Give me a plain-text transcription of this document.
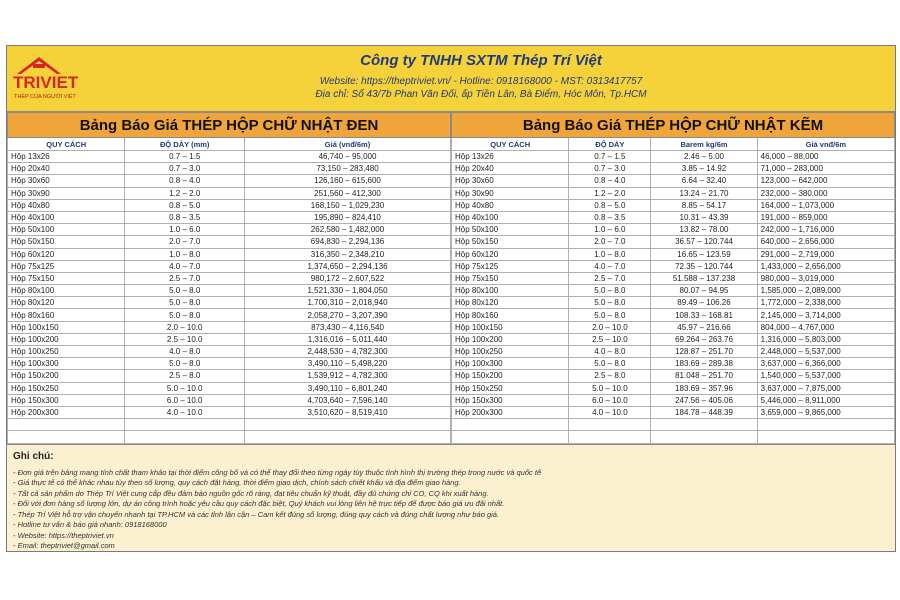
TRIVIET
THÉP CỦA NGƯỜI VIỆT
Công ty TNHH SXTM Thép Trí Việt
Website: https://theptriviet.vn/ - Hotline: 0918168000 - MST: 0313417757
Địa chỉ: Số 43/7b Phan Văn Đối, ấp Tiền Lân, Bà Điểm, Hóc Môn, Tp.HCM
Bảng Báo Giá THÉP HỘP CHỮ NHẬT ĐEN		
QUY CÁCH	ĐỘ DÀY (mm)	Giá (vnđ/6m)
Hộp 13x26	0.7 – 1.5	46,740 – 95,000
Hộp 20x40	0.7 – 3.0	73,150 – 283,480
Hộp 30x60	0.8 – 4.0	126,160 – 615,600
Hộp 30x90	1.2 – 2.0	251,560 – 412,300
Hộp 40x80	0.8 – 5.0	168,150 – 1,029,230
Hộp 40x100	0.8 – 3.5	195,890 – 824,410
Hộp 50x100	1.0 – 6.0	262,580 – 1,482,000
Hộp 50x150	2.0 – 7.0	694,830 – 2,294,136
Hộp 60x120	1.0 – 8.0	316,350 – 2,348,210
Hộp 75x125	4.0 – 7.0	1,374,650 – 2,294,136
Hộp 75x150	2.5 – 7.0	980,172 – 2,607,522
Hộp 80x100	5.0 – 8.0	1,521,330 – 1,804,050
Hộp 80x120	5.0 – 8.0	1,700,310 – 2,018,940
Hộp 80x160	5.0 – 8.0	2,058,270 – 3,207,390
Hộp 100x150	2.0 – 10.0	873,430 – 4,116,540
Hộp 100x200	2.5 – 10.0	1,316,016 – 5,011,440
Hộp 100x250	4.0 – 8.0	2,448,530 – 4,782,300
Hộp 100x300	5.0 – 8.0	3,490,110 – 5,498,220
Hộp 150x200	2.5 – 8.0	1,539,912 – 4,782,300
Hộp 150x250	5.0 – 10.0	3,490,110 – 6,801,240
Hộp 150x300	6.0 – 10.0	4,703,640 – 7,596,140
Hộp 200x300	4.0 – 10.0	3,510,620 – 8,519,410

Bảng Báo Giá THÉP HỘP CHỮ NHẬT KẼM			
QUY CÁCH	ĐỘ DÀY	Barem kg/6m	Giá vnđ/6m
Hộp 13x26	0.7 – 1.5	2.46 – 5.00	46,000 – 88,000
Hộp 20x40	0.7 – 3.0	3.85 – 14.92	71,000 – 283,000
Hộp 30x60	0.8 – 4.0	6.64 – 32.40	123,000 – 642,000
Hộp 30x90	1.2 – 2.0	13.24 – 21.70	232,000 – 380,000
Hộp 40x80	0.8 – 5.0	8.85 – 54.17	164,000 – 1,073,000
Hộp 40x100	0.8 – 3.5	10.31 – 43.39	191,000 – 859,000
Hộp 50x100	1.0 – 6.0	13.82 – 78.00	242,000 – 1,716,000
Hộp 50x150	2.0 – 7.0	36.57 – 120.744	640,000 – 2,656,000
Hộp 60x120	1.0 – 8.0	16.65 – 123.59	291,000 – 2,719,000
Hộp 75x125	4.0 – 7.0	72.35 – 120.744	1,433,000 – 2,656,000
Hộp 75x150	2.5 – 7.0	51.588 – 137.238	980,000 – 3,019,000
Hộp 80x100	5.0 – 8.0	80.07 – 94.95	1,585,000 – 2,089,000
Hộp 80x120	5.0 – 8.0	89.49 – 106.26	1,772,000 – 2,338,000
Hộp 80x160	5.0 – 8.0	108.33 – 168.81	2,145,000 – 3,714,000
Hộp 100x150	2.0 – 10.0	45.97 – 216.66	804,000 – 4,767,000
Hộp 100x200	2.5 – 10.0	69.264 – 263.76	1,316,000 – 5,803,000
Hộp 100x250	4.0 – 8.0	128.87 – 251.70	2,448,000 – 5,537,000
Hộp 100x300	5.0 – 8.0	183.69 – 289.38	3,637,000 – 6,366,000
Hộp 150x200	2.5 – 8.0	81.048 – 251.70	1,540,000 – 5,537,000
Hộp 150x250	5.0 – 10.0	183.69 – 357.96	3,637,000 – 7,875,000
Hộp 150x300	6.0 – 10.0	247.56 – 405.06	5,446,000 – 8,911,000
Hộp 200x300	4.0 – 10.0	184.78 – 448.39	3,659,000 – 9,865,000

Ghi chú:
- Đơn giá trên bảng mang tính chất tham khảo tại thời điểm công bố và có thể thay đổi theo từng ngày tùy thuộc tình hình thị trường thép trong nước và quốc tế
- Giá thực tế có thể khác nhau tùy theo số lượng, quy cách đặt hàng, thời điểm giao dịch, chính sách chiết khấu và địa điểm giao hàng.
- Tất cả sản phẩm do Thép Trí Việt cung cấp đều đảm bảo nguồn gốc rõ ràng, đạt tiêu chuẩn kỹ thuật, đầy đủ chứng chỉ CO, CQ khi xuất hàng.
- Đối với đơn hàng số lượng lớn, dự án công trình hoặc yêu cầu quy cách đặc biệt, Quý khách vui lòng liên hệ trực tiếp để được báo giá ưu đãi nhất.
- Thép Trí Việt hỗ trợ vận chuyển nhanh tại TP.HCM và các tỉnh lân cận – Cam kết đúng số lượng, đúng quy cách và đúng chất lượng như báo giá.
- Hotline tư vấn & báo giá nhanh: 0918168000
- Website: https://theptriviet.vn
- Email: theptriviet@gmail.com
